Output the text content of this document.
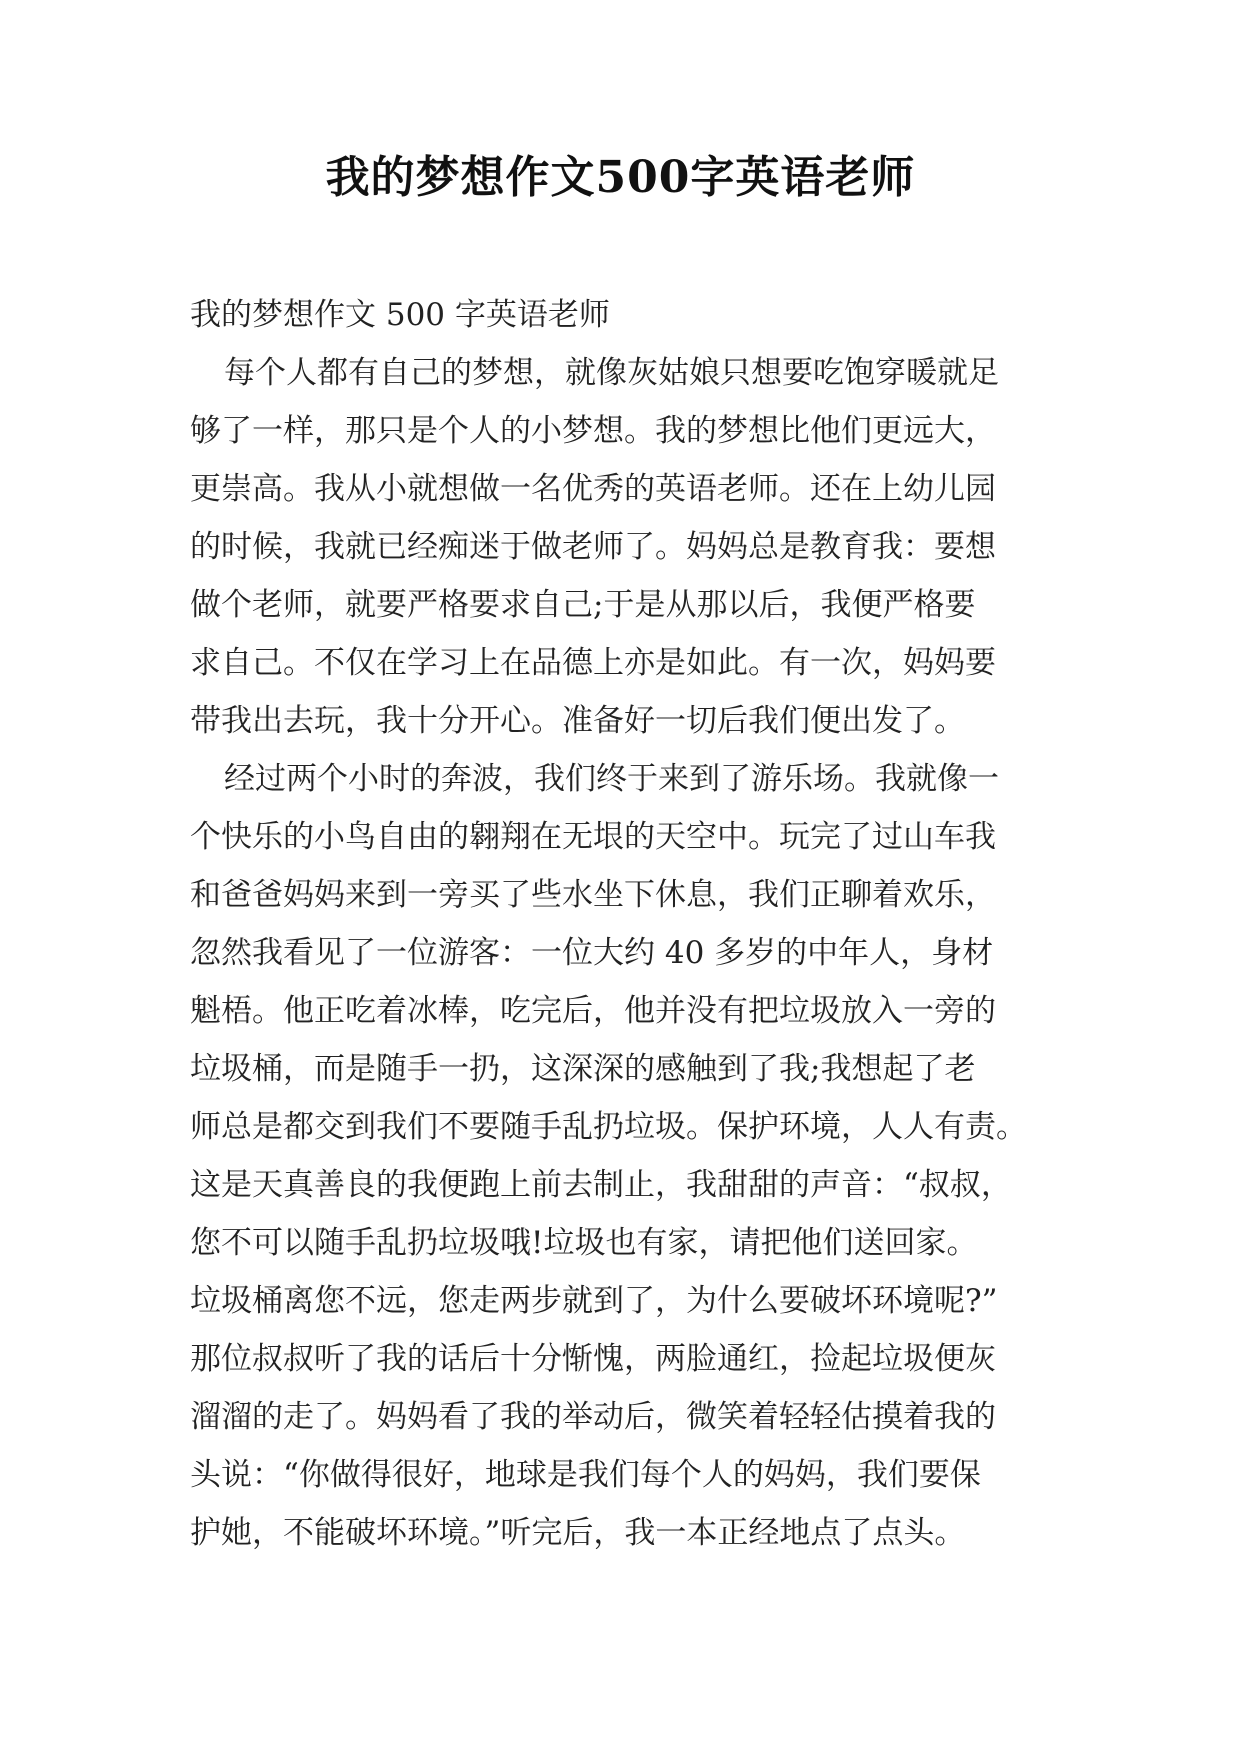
我的梦想作文500字英语老师
我的梦想作文 500 字英语老师
每个人都有自己的梦想，就像灰姑娘只想要吃饱穿暖就足
够了一样，那只是个人的小梦想。我的梦想比他们更远大，
更崇高。我从小就想做一名优秀的英语老师。还在上幼儿园
的时候，我就已经痴迷于做老师了。妈妈总是教育我：要想
做个老师，就要严格要求自己;于是从那以后，我便严格要
求自己。不仅在学习上在品德上亦是如此。有一次，妈妈要
带我出去玩，我十分开心。准备好一切后我们便出发了。
经过两个小时的奔波，我们终于来到了游乐场。我就像一
个快乐的小鸟自由的翱翔在无垠的天空中。玩完了过山车我
和爸爸妈妈来到一旁买了些水坐下休息，我们正聊着欢乐，
忽然我看见了一位游客：一位大约 40 多岁的中年人，身材
魁梧。他正吃着冰棒，吃完后，他并没有把垃圾放入一旁的
垃圾桶，而是随手一扔，这深深的感触到了我;我想起了老
师总是都交到我们不要随手乱扔垃圾。保护环境，人人有责。
这是天真善良的我便跑上前去制止，我甜甜的声音：“叔叔，
您不可以随手乱扔垃圾哦!垃圾也有家，请把他们送回家。
垃圾桶离您不远，您走两步就到了，为什么要破坏环境呢?”
那位叔叔听了我的话后十分惭愧，两脸通红，捡起垃圾便灰
溜溜的走了。妈妈看了我的举动后，微笑着轻轻估摸着我的
头说：“你做得很好，地球是我们每个人的妈妈，我们要保
护她，不能破坏环境。”听完后，我一本正经地点了点头。
